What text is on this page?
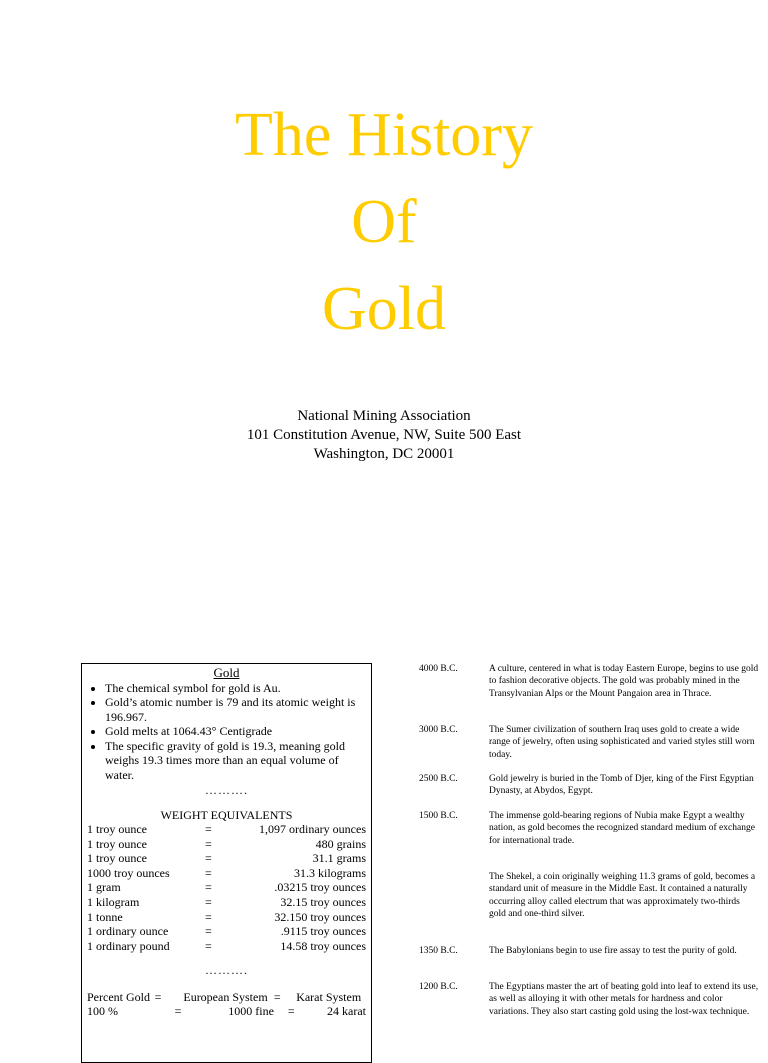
The History
Of
Gold
National Mining Association
101 Constitution Avenue, NW, Suite 500 East
Washington, DC 20001
Gold
• The chemical symbol for gold is Au.
• Gold’s atomic number is 79 and its atomic weight is 196.967.
• Gold melts at 1064.43° Centigrade
• The specific gravity of gold is 19.3, meaning gold weighs 19.3 times more than an equal volume of water.
……….
WEIGHT EQUIVALENTS
1 troy ounce	=	1,097 ordinary ounces
1 troy ounce	=	480 grains
1 troy ounce	=	31.1 grams
1000 troy ounces	=	31.3 kilograms
1 gram	=	.03215 troy ounces
1 kilogram	=	32.15 troy ounces
1 tonne	=	32.150 troy ounces
1 ordinary ounce	=	.9115 troy ounces
1 ordinary pound	=	14.58 troy ounces
……….
Percent Gold	=	European System	=	Karat System
100 %	=	1000 fine	=	24 karat
4000 B.C.	A culture, centered in what is today Eastern Europe, begins to use gold to fashion decorative objects. The gold was probably mined in the Transylvanian Alps or the Mount Pangaion area in Thrace.
3000 B.C.	The Sumer civilization of southern Iraq uses gold to create a wide range of jewelry, often using sophisticated and varied styles still worn today.
2500 B.C.	Gold jewelry is buried in the Tomb of Djer, king of the First Egyptian Dynasty, at Abydos, Egypt.
1500 B.C.	The immense gold-bearing regions of Nubia make Egypt a wealthy nation, as gold becomes the recognized standard medium of exchange for international trade.
The Shekel, a coin originally weighing 11.3 grams of gold, becomes a standard unit of measure in the Middle East. It contained a naturally occurring alloy called electrum that was approximately two-thirds gold and one-third silver.
1350 B.C.	The Babylonians begin to use fire assay to test the purity of gold.
1200 B.C.	The Egyptians master the art of beating gold into leaf to extend its use, as well as alloying it with other metals for hardness and color variations. They also start casting gold using the lost-wax technique.
